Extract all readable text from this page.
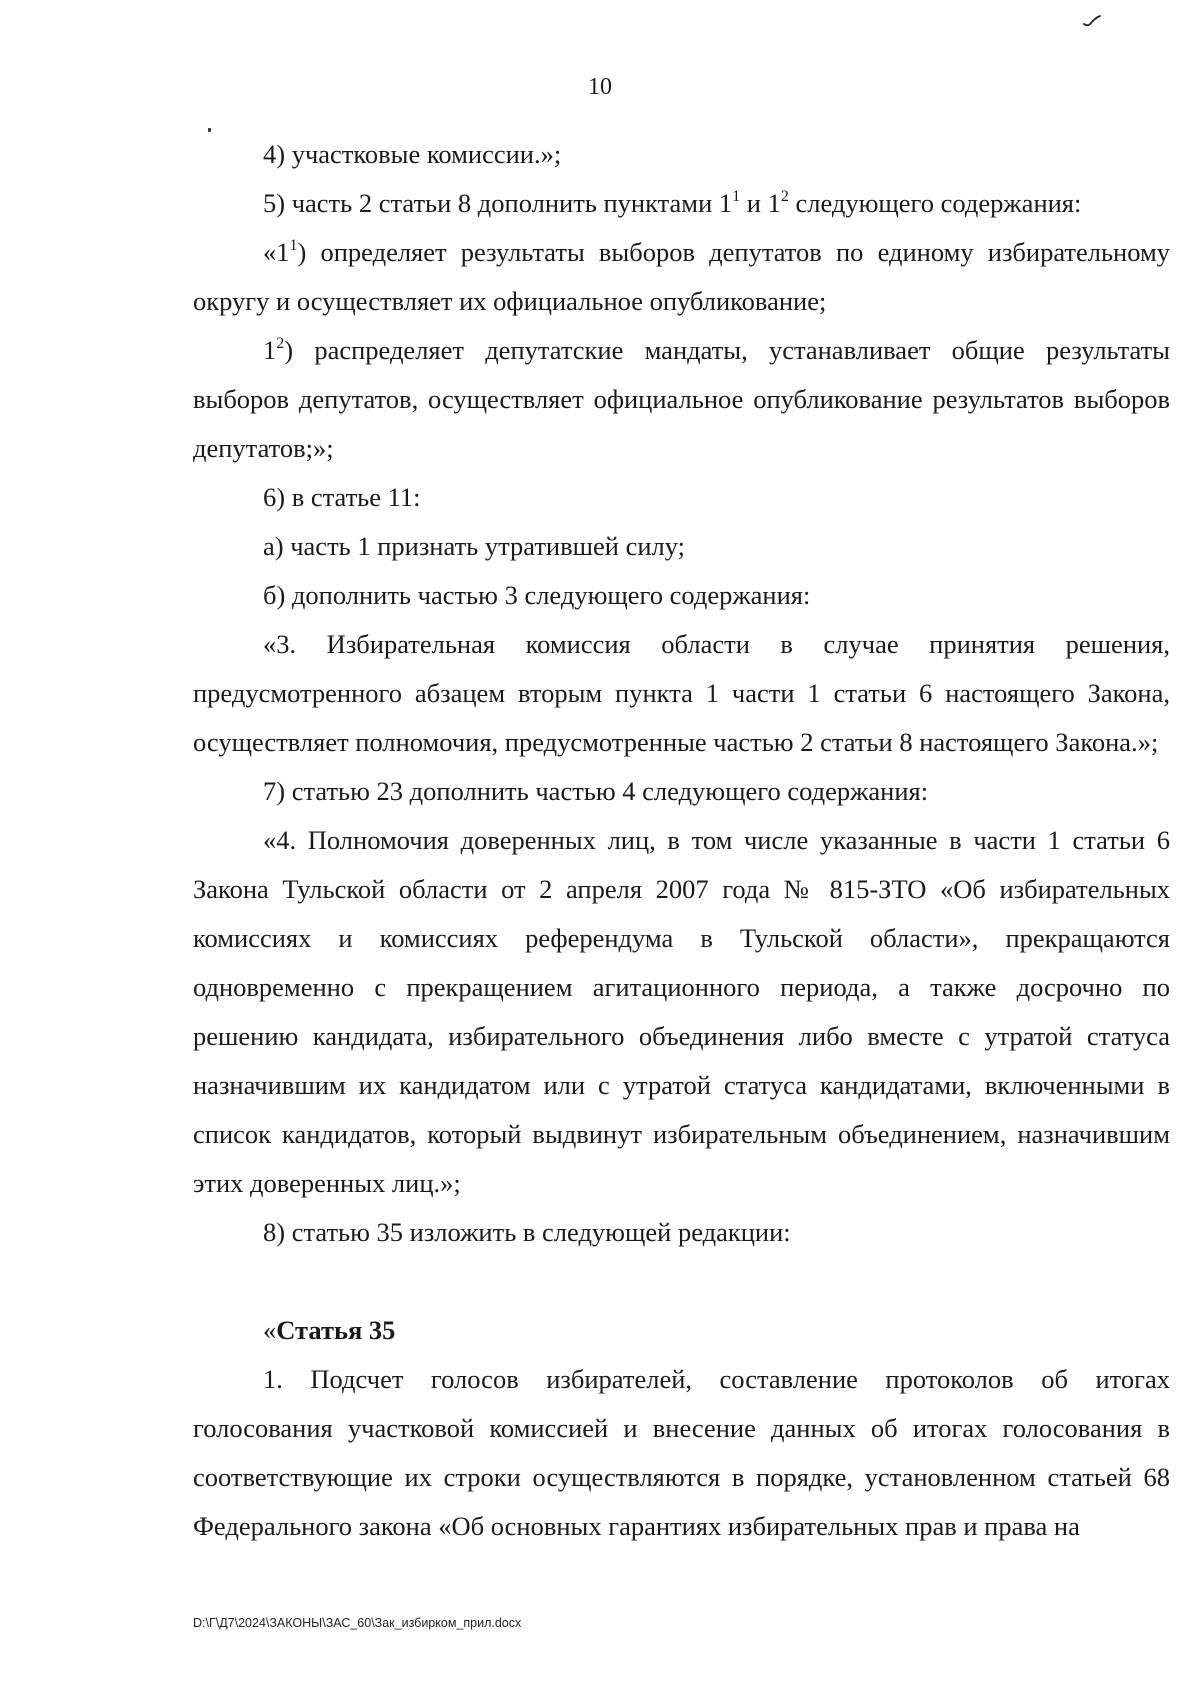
10

4) участковые комиссии.»;

5) часть 2 статьи 8 дополнить пунктами $1^1$ и $1^2$ следующего содержания:

«$1^1$) определяет результаты выборов депутатов по единому избирательному округу и осуществляет их официальное опубликование;

$1^2$) распределяет депутатские мандаты, устанавливает общие результаты выборов депутатов, осуществляет официальное опубликование результатов выборов депутатов;»;

6) в статье 11:

а) часть 1 признать утратившей силу;

б) дополнить частью 3 следующего содержания:

«3. Избирательная комиссия области в случае принятия решения, предусмотренного абзацем вторым пункта 1 части 1 статьи 6 настоящего Закона, осуществляет полномочия, предусмотренные частью 2 статьи 8 настоящего Закона.»;

7) статью 23 дополнить частью 4 следующего содержания:

«4. Полномочия доверенных лиц, в том числе указанные в части 1 статьи 6 Закона Тульской области от 2 апреля 2007 года № 815-ЗТО «Об избирательных комиссиях и комиссиях референдума в Тульской области», прекращаются одновременно с прекращением агитационного периода, а также досрочно по решению кандидата, избирательного объединения либо вместе с утратой статуса назначившим их кандидатом или с утратой статуса кандидатами, включенными в список кандидатов, который выдвинут избирательным объединением, назначившим этих доверенных лиц.»;

8) статью 35 изложить в следующей редакции:

«Статья 35

1. Подсчет голосов избирателей, составление протоколов об итогах голосования участковой комиссией и внесение данных об итогах голосования в соответствующие их строки осуществляются в порядке, установленном статьей 68 Федерального закона «Об основных гарантиях избирательных прав и права на

D:\Г\Д7\2024\ЗАКОНЫ\ЗАС_60\Зак_избирком_прил.docx
